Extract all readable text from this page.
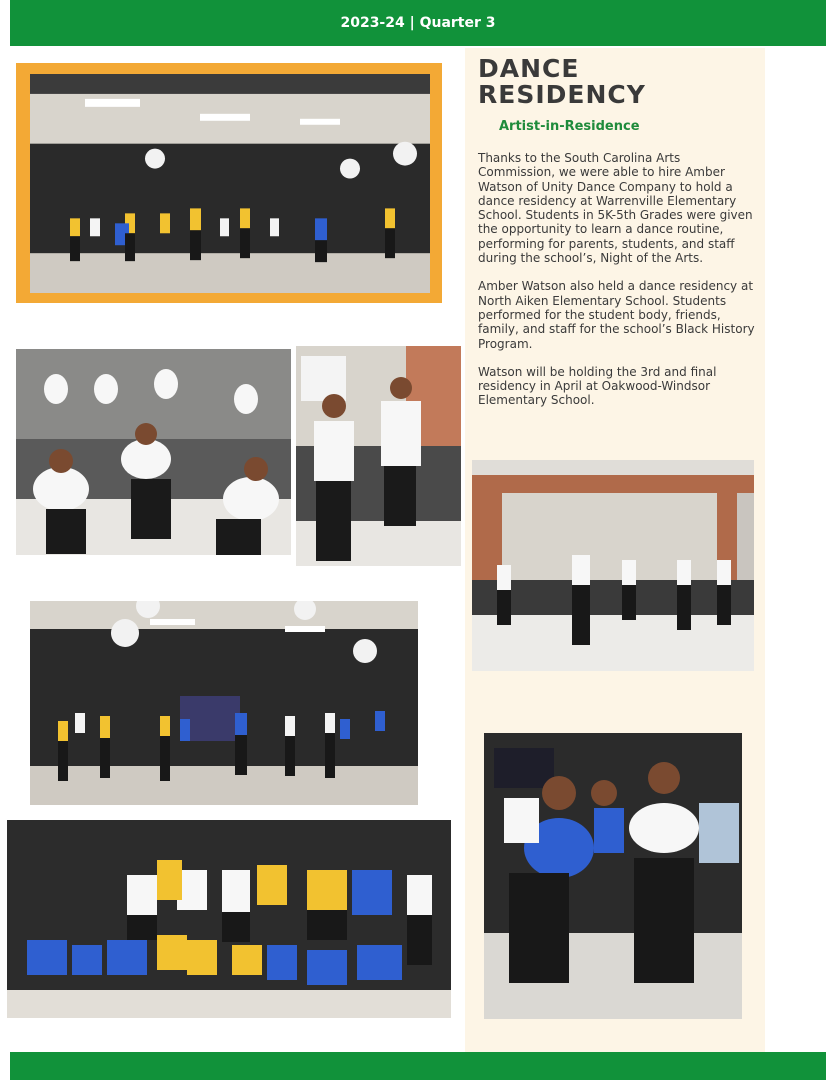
2023-24 | Quarter 3
DANCE
RESIDENCY
Artist-in-Residence

Thanks to the South Carolina Arts Commission, we were able to hire Amber Watson of Unity Dance Company to hold a dance residency at Warrenville Elementary School. Students in 5K-5th Grades were given the opportunity to learn a dance routine, performing for parents, students, and staff during the school’s, Night of the Arts.

Amber Watson also held a dance residency at North Aiken Elementary School. Students performed for the student body, friends, family, and staff for the school’s Black History Program.

Watson will be holding the 3rd and final residency in April at Oakwood-Windsor Elementary School.
